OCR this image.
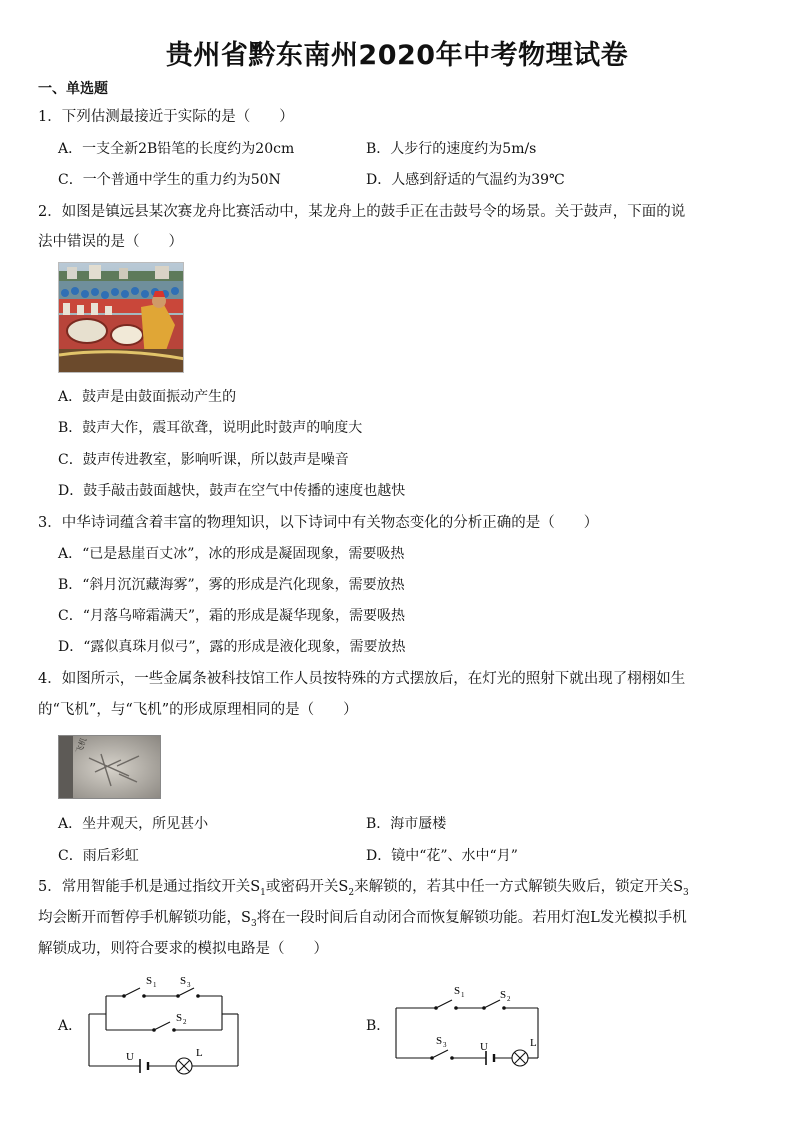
贵州省黔东南州2020年中考物理试卷
一、单选题
1．下列估测最接近于实际的是（　　）
A．一支全新2B铅笔的长度约为20cm	B．人步行的速度约为5m/s
C．一个普通中学生的重力约为50N	D．人感到舒适的气温约为39℃
2．如图是镇远县某次赛龙舟比赛活动中，某龙舟上的鼓手正在击鼓号令的场景。关于鼓声，下面的说
法中错误的是（　　）
A．鼓声是由鼓面振动产生的
B．鼓声大作，震耳欲聋，说明此时鼓声的响度大
C．鼓声传进教室，影响听课，所以鼓声是噪音
D．鼓手敲击鼓面越快，鼓声在空气中传播的速度也越快
3．中华诗词蕴含着丰富的物理知识，以下诗词中有关物态变化的分析正确的是（　　）
A．“已是悬崖百丈冰”，冰的形成是凝固现象，需要吸热
B．“斜月沉沉藏海雾”，雾的形成是汽化现象，需要放热
C．“月落乌啼霜满天”，霜的形成是凝华现象，需要吸热
D．“露似真珠月似弓”，露的形成是液化现象，需要放热
4．如图所示，一些金属条被科技馆工作人员按特殊的方式摆放后，在灯光的照射下就出现了栩栩如生
的“飞机”，与“飞机”的形成原理相同的是（　　）
飞机
A．坐井观天，所见甚小	B．海市蜃楼
C．雨后彩虹	D．镜中“花”、水中“月”
5．常用智能手机是通过指纹开关$S_1$或密码开关$S_2$来解锁的，若其中任一方式解锁失败后，锁定开关$S_3$
均会断开而暂停手机解锁功能，$S_3$将在一段时间后自动闭合而恢复解锁功能。若用灯泡L发光模拟手机
解锁成功，则符合要求的模拟电路是（　　）
A．	B．
S 1 S 3
S 2
U	L
S 1	S 2
S 3	U	L
